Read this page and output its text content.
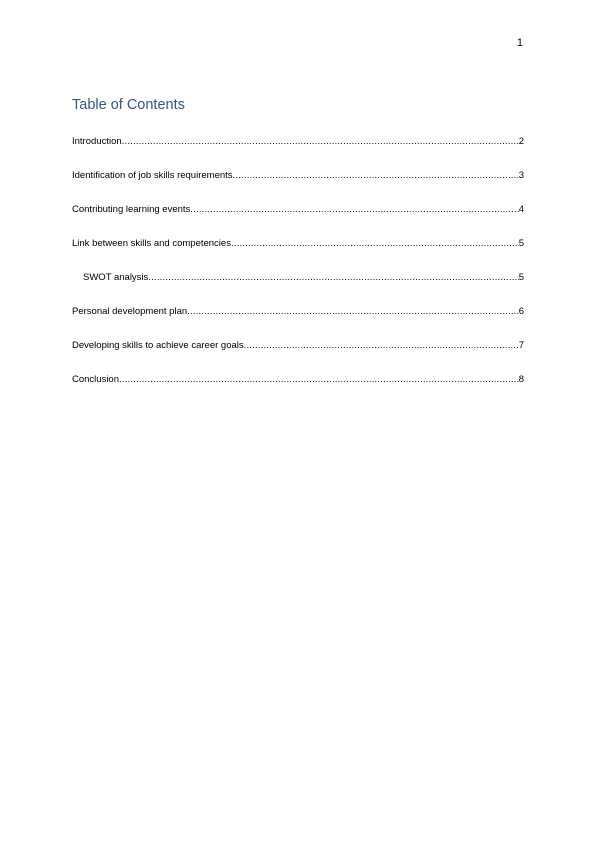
1
Table of Contents
Introduction .....	2
Identification of job skills requirements .....	3
Contributing learning events .....	4
Link between skills and competencies .....	5
SWOT analysis .....	5
Personal development plan .....	6
Developing skills to achieve career goals .....	7
Conclusion .....	8
